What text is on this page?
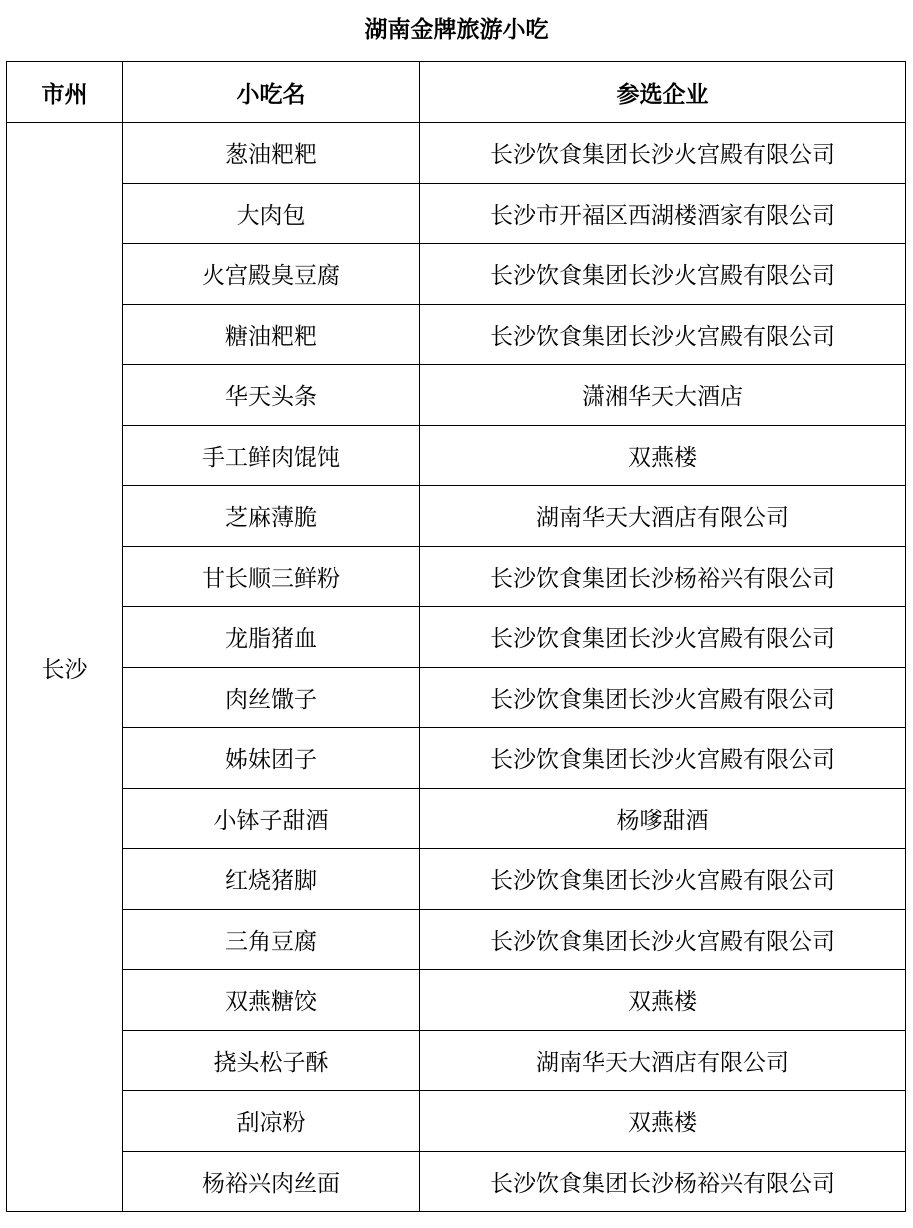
湖南金牌旅游小吃
市州	小吃名	参选企业
长沙	葱油粑粑	长沙饮食集团长沙火宫殿有限公司
	大肉包	长沙市开福区西湖楼酒家有限公司
	火宫殿臭豆腐	长沙饮食集团长沙火宫殿有限公司
	糖油粑粑	长沙饮食集团长沙火宫殿有限公司
	华天头条	潇湘华天大酒店
	手工鲜肉馄饨	双燕楼
	芝麻薄脆	湖南华天大酒店有限公司
	甘长顺三鲜粉	长沙饮食集团长沙杨裕兴有限公司
	龙脂猪血	长沙饮食集团长沙火宫殿有限公司
	肉丝馓子	长沙饮食集团长沙火宫殿有限公司
	姊妹团子	长沙饮食集团长沙火宫殿有限公司
	小钵子甜酒	杨嗲甜酒
	红烧猪脚	长沙饮食集团长沙火宫殿有限公司
	三角豆腐	长沙饮食集团长沙火宫殿有限公司
	双燕糖饺	双燕楼
	挠头松子酥	湖南华天大酒店有限公司
	刮凉粉	双燕楼
	杨裕兴肉丝面	长沙饮食集团长沙杨裕兴有限公司
